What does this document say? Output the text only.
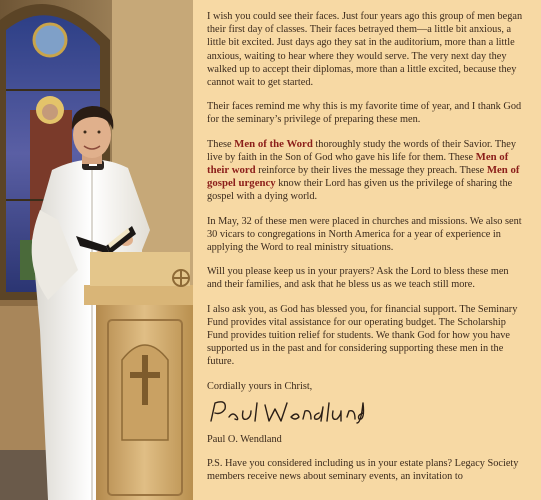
I wish you could see their faces. Just four years ago this group of men began their first day of classes. Their faces betrayed them—a little bit anxious, a little bit excited. Just days ago they sat in the auditorium, more than a little anxious, waiting to hear where they would serve. The very next day they walked up to accept their diplomas, more than a little excited, because they cannot wait to get started.

Their faces remind me why this is my favorite time of year, and I thank God for the seminary’s privilege of preparing these men.

These Men of the Word thoroughly study the words of their Savior. They live by faith in the Son of God who gave his life for them. These Men of their word reinforce by their lives the message they preach. These Men of gospel urgency know their Lord has given us the privilege of sharing the gospel with a dying world.

In May, 32 of these men were placed in churches and missions. We also sent 30 vicars to congregations in North America for a year of experience in applying the Word to real ministry situations.

Will you please keep us in your prayers? Ask the Lord to bless these men and their families, and ask that he bless us as we teach still more.

I also ask you, as God has blessed you, for financial support. The Seminary Fund provides vital assistance for our operating budget. The Scholarship Fund provides tuition relief for students. We thank God for how you have supported us in the past and for considering supporting these men in the future.

Cordially yours in Christ,

Paul O. Wendland

P.S. Have you considered including us in your estate plans? Legacy Society members receive news about seminary events, an invitation to
